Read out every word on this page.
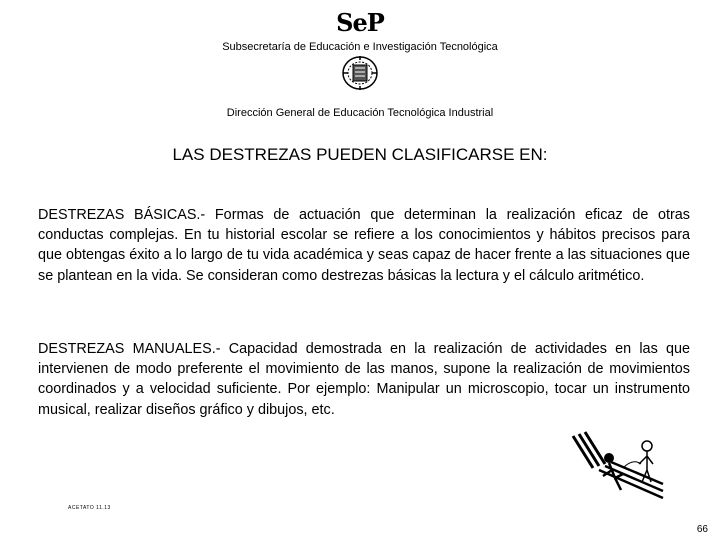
SeP
Subsecretaría de Educación e Investigación Tecnológica
Dirección General de Educación Tecnológica Industrial
LAS DESTREZAS PUEDEN CLASIFICARSE EN:

DESTREZAS BÁSICAS.- Formas de actuación que determinan la realización eficaz de otras conductas complejas. En tu historial escolar se refiere a los conocimientos y hábitos precisos para que obtengas éxito a lo largo de tu vida académica y seas capaz de hacer frente a las situaciones que se plantean en la vida. Se consideran como destrezas básicas la lectura y el cálculo aritmético.

DESTREZAS MANUALES.- Capacidad demostrada en la realización de actividades en las que intervienen de modo preferente el movimiento de las manos, supone la realización de movimientos coordinados y a velocidad suficiente. Por ejemplo: Manipular un microscopio, tocar un instrumento musical, realizar diseños gráfico y dibujos, etc.

ACETATO 11.13
66
